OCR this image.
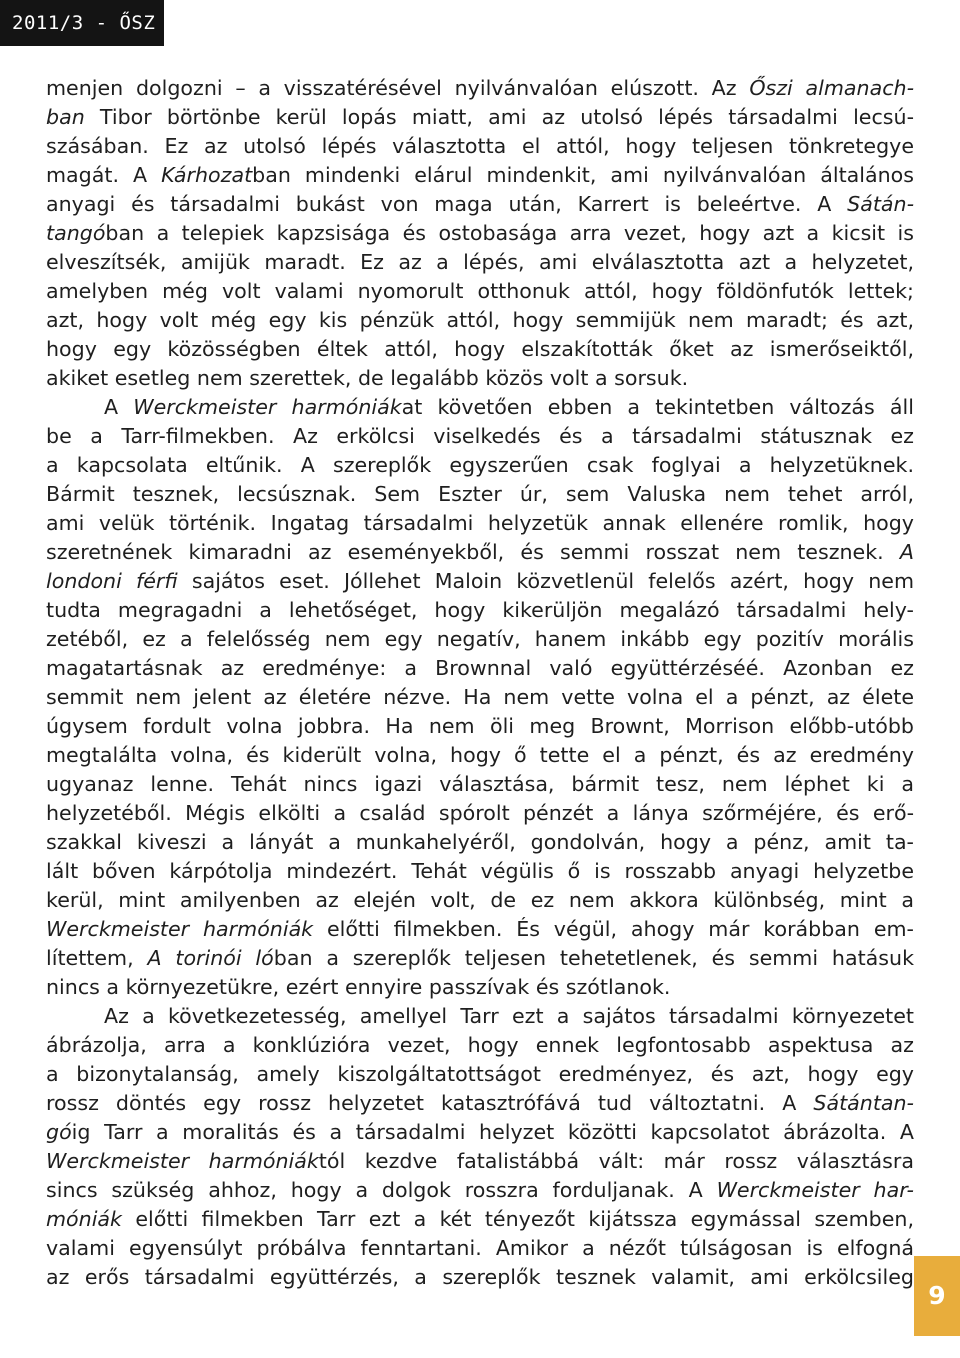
2011/3 - ŐSZ
menjen dolgozni – a visszatérésével nyilvánvalóan elúszott. Az Őszi almanach-
ban Tibor börtönbe kerül lopás miatt, ami az utolsó lépés társadalmi lecsú-
szásában. Ez az utolsó lépés választotta el attól, hogy teljesen tönkretegye
magát. A Kárhozatban mindenki elárul mindenkit, ami nyilvánvalóan általános
anyagi és társadalmi bukást von maga után, Karrert is beleértve. A Sátán-
tangóban a telepiek kapzsisága és ostobasága arra vezet, hogy azt a kicsit is
elveszítsék, amijük maradt. Ez az a lépés, ami elválasztotta azt a helyzetet,
amelyben még volt valami nyomorult otthonuk attól, hogy földönfutók lettek;
azt, hogy volt még egy kis pénzük attól, hogy semmijük nem maradt; és azt,
hogy egy közösségben éltek attól, hogy elszakították őket az ismerőseiktől,
akiket esetleg nem szerettek, de legalább közös volt a sorsuk.
A Werckmeister harmóniákat követően ebben a tekintetben változás áll
be a Tarr-filmekben. Az erkölcsi viselkedés és a társadalmi státusznak ez
a kapcsolata eltűnik. A szereplők egyszerűen csak foglyai a helyzetüknek.
Bármit tesznek, lecsúsznak. Sem Eszter úr, sem Valuska nem tehet arról,
ami velük történik. Ingatag társadalmi helyzetük annak ellenére romlik, hogy
szeretnének kimaradni az eseményekből, és semmi rosszat nem tesznek. A
londoni férfi sajátos eset. Jóllehet Maloin közvetlenül felelős azért, hogy nem
tudta megragadni a lehetőséget, hogy kikerüljön megalázó társadalmi hely-
zetéből, ez a felelősség nem egy negatív, hanem inkább egy pozitív morális
magatartásnak az eredménye: a Brownnal való együttérzéséé. Azonban ez
semmit nem jelent az életére nézve. Ha nem vette volna el a pénzt, az élete
úgysem fordult volna jobbra. Ha nem öli meg Brownt, Morrison előbb-utóbb
megtalálta volna, és kiderült volna, hogy ő tette el a pénzt, és az eredmény
ugyanaz lenne. Tehát nincs igazi választása, bármit tesz, nem léphet ki a
helyzetéből. Mégis elkölti a család spórolt pénzét a lánya szőrméjére, és erő-
szakkal kiveszi a lányát a munkahelyéről, gondolván, hogy a pénz, amit ta-
lált bőven kárpótolja mindezért. Tehát végülis ő is rosszabb anyagi helyzetbe
kerül, mint amilyenben az elején volt, de ez nem akkora különbség, mint a
Werckmeister harmóniák előtti filmekben. És végül, ahogy már korábban em-
lítettem, A torinói lóban a szereplők teljesen tehetetlenek, és semmi hatásuk
nincs a környezetükre, ezért ennyire passzívak és szótlanok.
Az a következetesség, amellyel Tarr ezt a sajátos társadalmi környezetet
ábrázolja, arra a konklúzióra vezet, hogy ennek legfontosabb aspektusa az
a bizonytalanság, amely kiszolgáltatottságot eredményez, és azt, hogy egy
rossz döntés egy rossz helyzetet katasztrófává tud változtatni. A Sátántan-
góig Tarr a moralitás és a társadalmi helyzet közötti kapcsolatot ábrázolta. A
Werckmeister harmóniáktól kezdve fatalistábbá vált: már rossz választásra
sincs szükség ahhoz, hogy a dolgok rosszra forduljanak. A Werckmeister har-
móniák előtti filmekben Tarr ezt a két tényezőt kijátssza egymással szemben,
valami egyensúlyt próbálva fenntartani. Amikor a nézőt túlságosan is elfogná
az erős társadalmi együttérzés, a szereplők tesznek valamit, ami erkölcsileg
9
